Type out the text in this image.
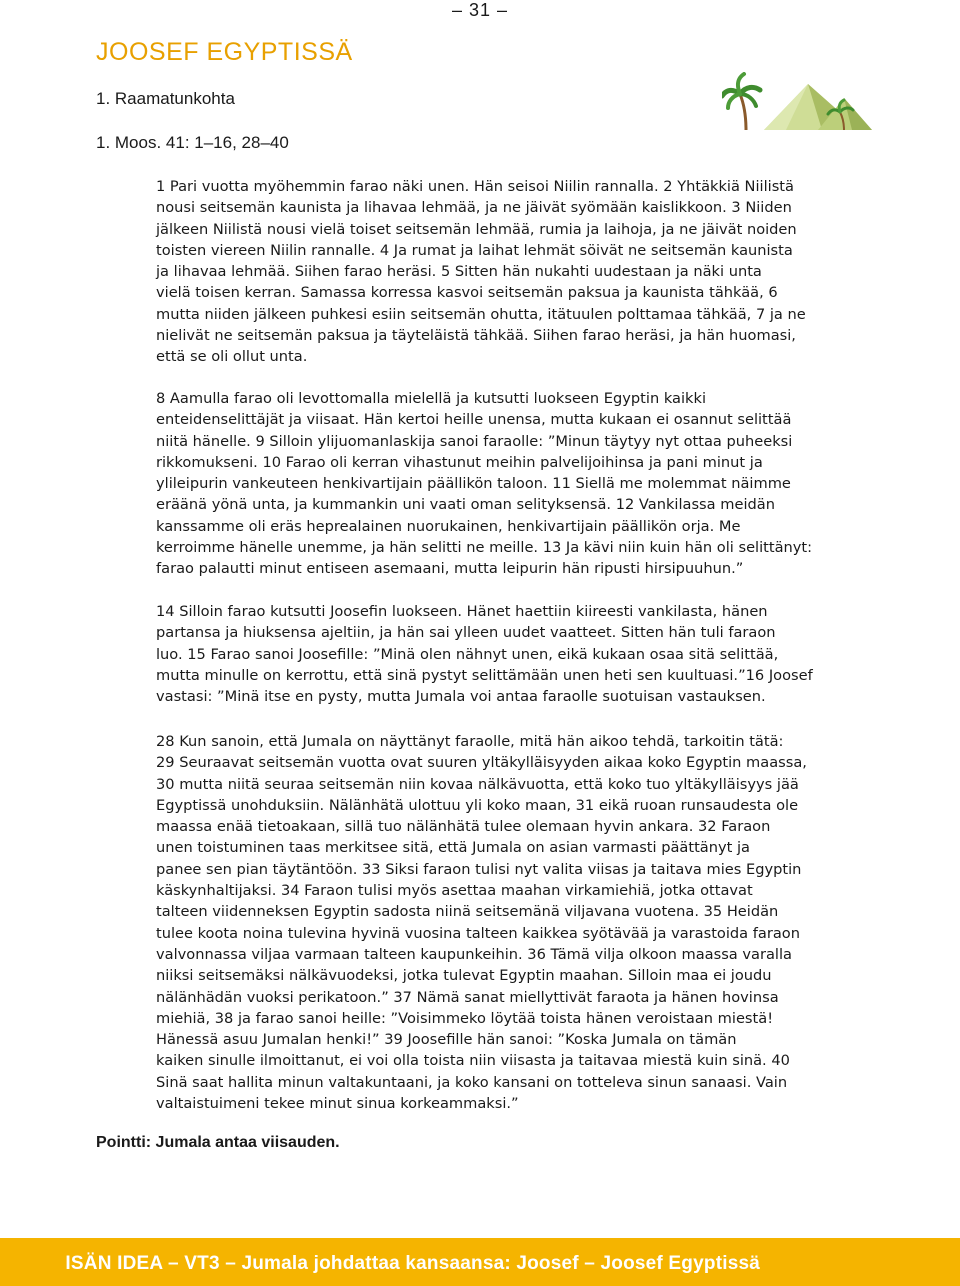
– 31 –
JOOSEF EGYPTISSÄ
1. Raamatunkohta
1. Moos. 41: 1–16, 28–40
1 Pari vuotta myöhemmin farao näki unen. Hän seisoi Niilin rannalla. 2 Yhtäkkiä Niilistä
nousi seitsemän kaunista ja lihavaa lehmää, ja ne jäivät syömään kaislikkoon. 3 Niiden
jälkeen Niilistä nousi vielä toiset seitsemän lehmää, rumia ja laihoja, ja ne jäivät noiden
toisten viereen Niilin rannalle. 4 Ja rumat ja laihat lehmät söivät ne seitsemän kaunista
ja lihavaa lehmää. Siihen farao heräsi. 5 Sitten hän nukahti uudestaan ja näki unta
vielä toisen kerran. Samassa korressa kasvoi seitsemän paksua ja kaunista tähkää, 6
mutta niiden jälkeen puhkesi esiin seitsemän ohutta, itätuulen polttamaa tähkää, 7 ja ne
nielivät ne seitsemän paksua ja täyteläistä tähkää. Siihen farao heräsi, ja hän huomasi,
että se oli ollut unta.
8 Aamulla farao oli levottomalla mielellä ja kutsutti luokseen Egyptin kaikki
enteidenselittäjät ja viisaat. Hän kertoi heille unensa, mutta kukaan ei osannut selittää
niitä hänelle. 9 Silloin ylijuomanlaskija sanoi faraolle: ”Minun täytyy nyt ottaa puheeksi
rikkomukseni. 10 Farao oli kerran vihastunut meihin palvelijoihinsa ja pani minut ja
ylileipurin vankeuteen henkivartijain päällikön taloon. 11 Siellä me molemmat näimme
eräänä yönä unta, ja kummankin uni vaati oman selityksensä. 12 Vankilassa meidän
kanssamme oli eräs heprealainen nuorukainen, henkivartijain päällikön orja. Me
kerroimme hänelle unemme, ja hän selitti ne meille. 13 Ja kävi niin kuin hän oli selittänyt:
farao palautti minut entiseen asemaani, mutta leipurin hän ripusti hirsipuuhun.”
14 Silloin farao kutsutti Joosefin luokseen. Hänet haettiin kiireesti vankilasta, hänen
partansa ja hiuksensa ajeltiin, ja hän sai ylleen uudet vaatteet. Sitten hän tuli faraon
luo. 15 Farao sanoi Joosefille: ”Minä olen nähnyt unen, eikä kukaan osaa sitä selittää,
mutta minulle on kerrottu, että sinä pystyt selittämään unen heti sen kuultuasi.”16 Joosef
vastasi: ”Minä itse en pysty, mutta Jumala voi antaa faraolle suotuisan vastauksen.
28 Kun sanoin, että Jumala on näyttänyt faraolle, mitä hän aikoo tehdä, tarkoitin tätä:
29 Seuraavat seitsemän vuotta ovat suuren yltäkylläisyyden aikaa koko Egyptin maassa,
30 mutta niitä seuraa seitsemän niin kovaa nälkävuotta, että koko tuo yltäkylläisyys jää
Egyptissä unohduksiin. Nälänhätä ulottuu yli koko maan, 31 eikä ruoan runsaudesta ole
maassa enää tietoakaan, sillä tuo nälänhätä tulee olemaan hyvin ankara. 32 Faraon
unen toistuminen taas merkitsee sitä, että Jumala on asian varmasti päättänyt ja
panee sen pian täytäntöön. 33 Siksi faraon tulisi nyt valita viisas ja taitava mies Egyptin
käskynhaltijaksi. 34 Faraon tulisi myös asettaa maahan virkamiehiä, jotka ottavat
talteen viidenneksen Egyptin sadosta niinä seitsemänä viljavana vuotena. 35 Heidän
tulee koota noina tulevina hyvinä vuosina talteen kaikkea syötävää ja varastoida faraon
valvonnassa viljaa varmaan talteen kaupunkeihin. 36 Tämä vilja olkoon maassa varalla
niiksi seitsemäksi nälkävuodeksi, jotka tulevat Egyptin maahan. Silloin maa ei joudu
nälänhädän vuoksi perikatoon.” 37 Nämä sanat miellyttivät faraota ja hänen hovinsa
miehiä, 38 ja farao sanoi heille: ”Voisimmeko löytää toista hänen veroistaan miestä!
Hänessä asuu Jumalan henki!” 39 Joosefille hän sanoi: ”Koska Jumala on tämän
kaiken sinulle ilmoittanut, ei voi olla toista niin viisasta ja taitavaa miestä kuin sinä. 40
Sinä saat hallita minun valtakuntaani, ja koko kansani on totteleva sinun sanaasi. Vain
valtaistuimeni tekee minut sinua korkeammaksi.”
Pointti: Jumala antaa viisauden.
ISÄN IDEA – VT3 – Jumala johdattaa kansaansa: Joosef – Joosef Egyptissä
